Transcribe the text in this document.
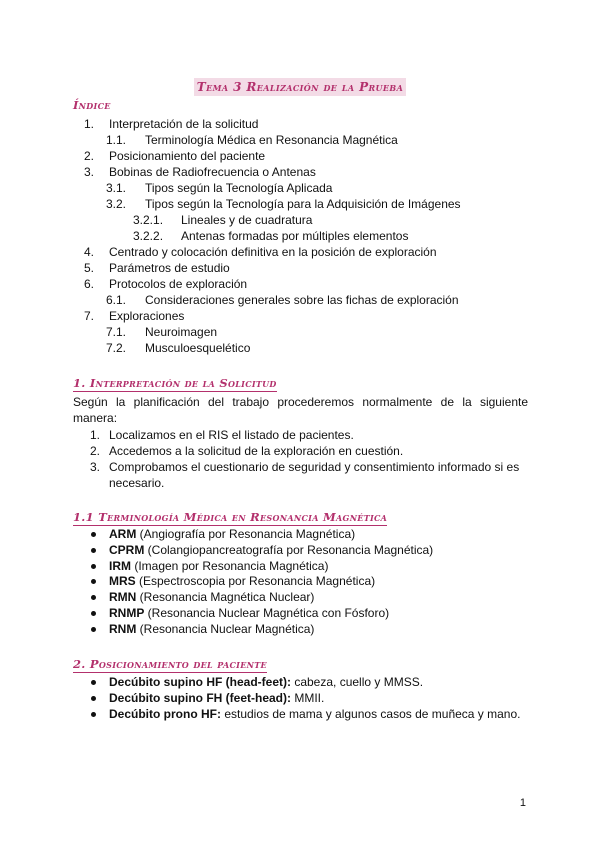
Tema 3 Realización de la Prueba
Índice
1. Interpretación de la solicitud
1.1. Terminología Médica en Resonancia Magnética
2. Posicionamiento del paciente
3. Bobinas de Radiofrecuencia o Antenas
3.1. Tipos según la Tecnología Aplicada
3.2. Tipos según la Tecnología para la Adquisición de Imágenes
3.2.1. Lineales y de cuadratura
3.2.2. Antenas formadas por múltiples elementos
4. Centrado y colocación definitiva en la posición de exploración
5. Parámetros de estudio
6. Protocolos de exploración
6.1. Consideraciones generales sobre las fichas de exploración
7. Exploraciones
7.1. Neuroimagen
7.2. Musculoesquelético
1. Interpretación de la Solicitud
Según la planificación del trabajo procederemos normalmente de la siguiente
manera:
1. Localizamos en el RIS el listado de pacientes.
2. Accedemos a la solicitud de la exploración en cuestión.
3. Comprobamos el cuestionario de seguridad y consentimiento informado si es
necesario.
1.1 Terminología Médica en Resonancia Magnética
ARM (Angiografía por Resonancia Magnética)
CPRM (Colangiopancreatografía por Resonancia Magnética)
IRM (Imagen por Resonancia Magnética)
MRS (Espectroscopia por Resonancia Magnética)
RMN (Resonancia Magnética Nuclear)
RNMP (Resonancia Nuclear Magnética con Fósforo)
RNM (Resonancia Nuclear Magnética)
2. Posicionamiento del paciente
Decúbito supino HF (head-feet): cabeza, cuello y MMSS.
Decúbito supino FH (feet-head): MMII.
Decúbito prono HF: estudios de mama y algunos casos de muñeca y mano.
1
